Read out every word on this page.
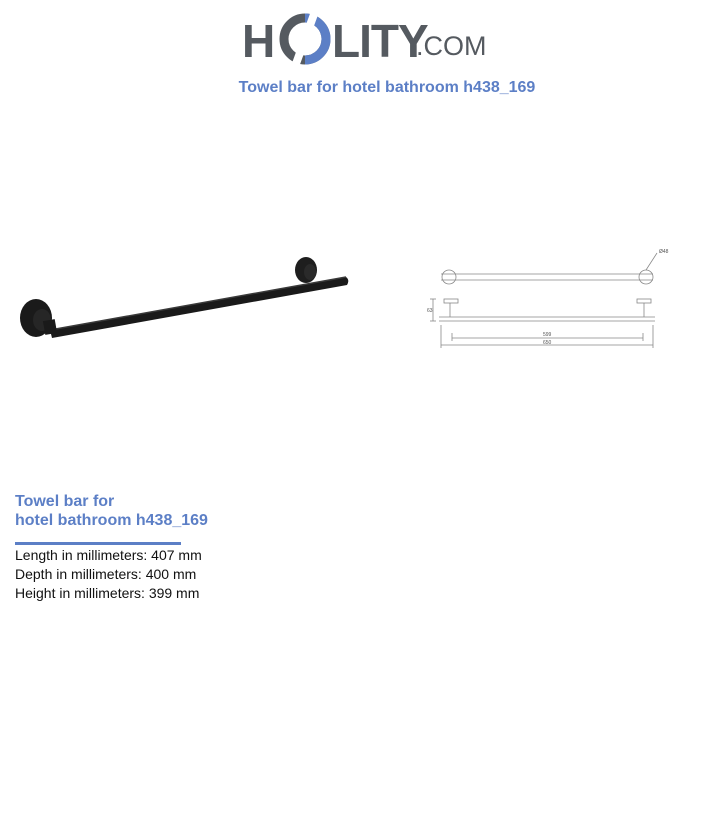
H LITY
.COM
Towel bar for hotel bathroom h438_169
Ø48
63
599
650
Towel bar for
hotel bathroom h438_169
Length in millimeters: 407 mm
Depth in millimeters: 400 mm
Height in millimeters: 399 mm
